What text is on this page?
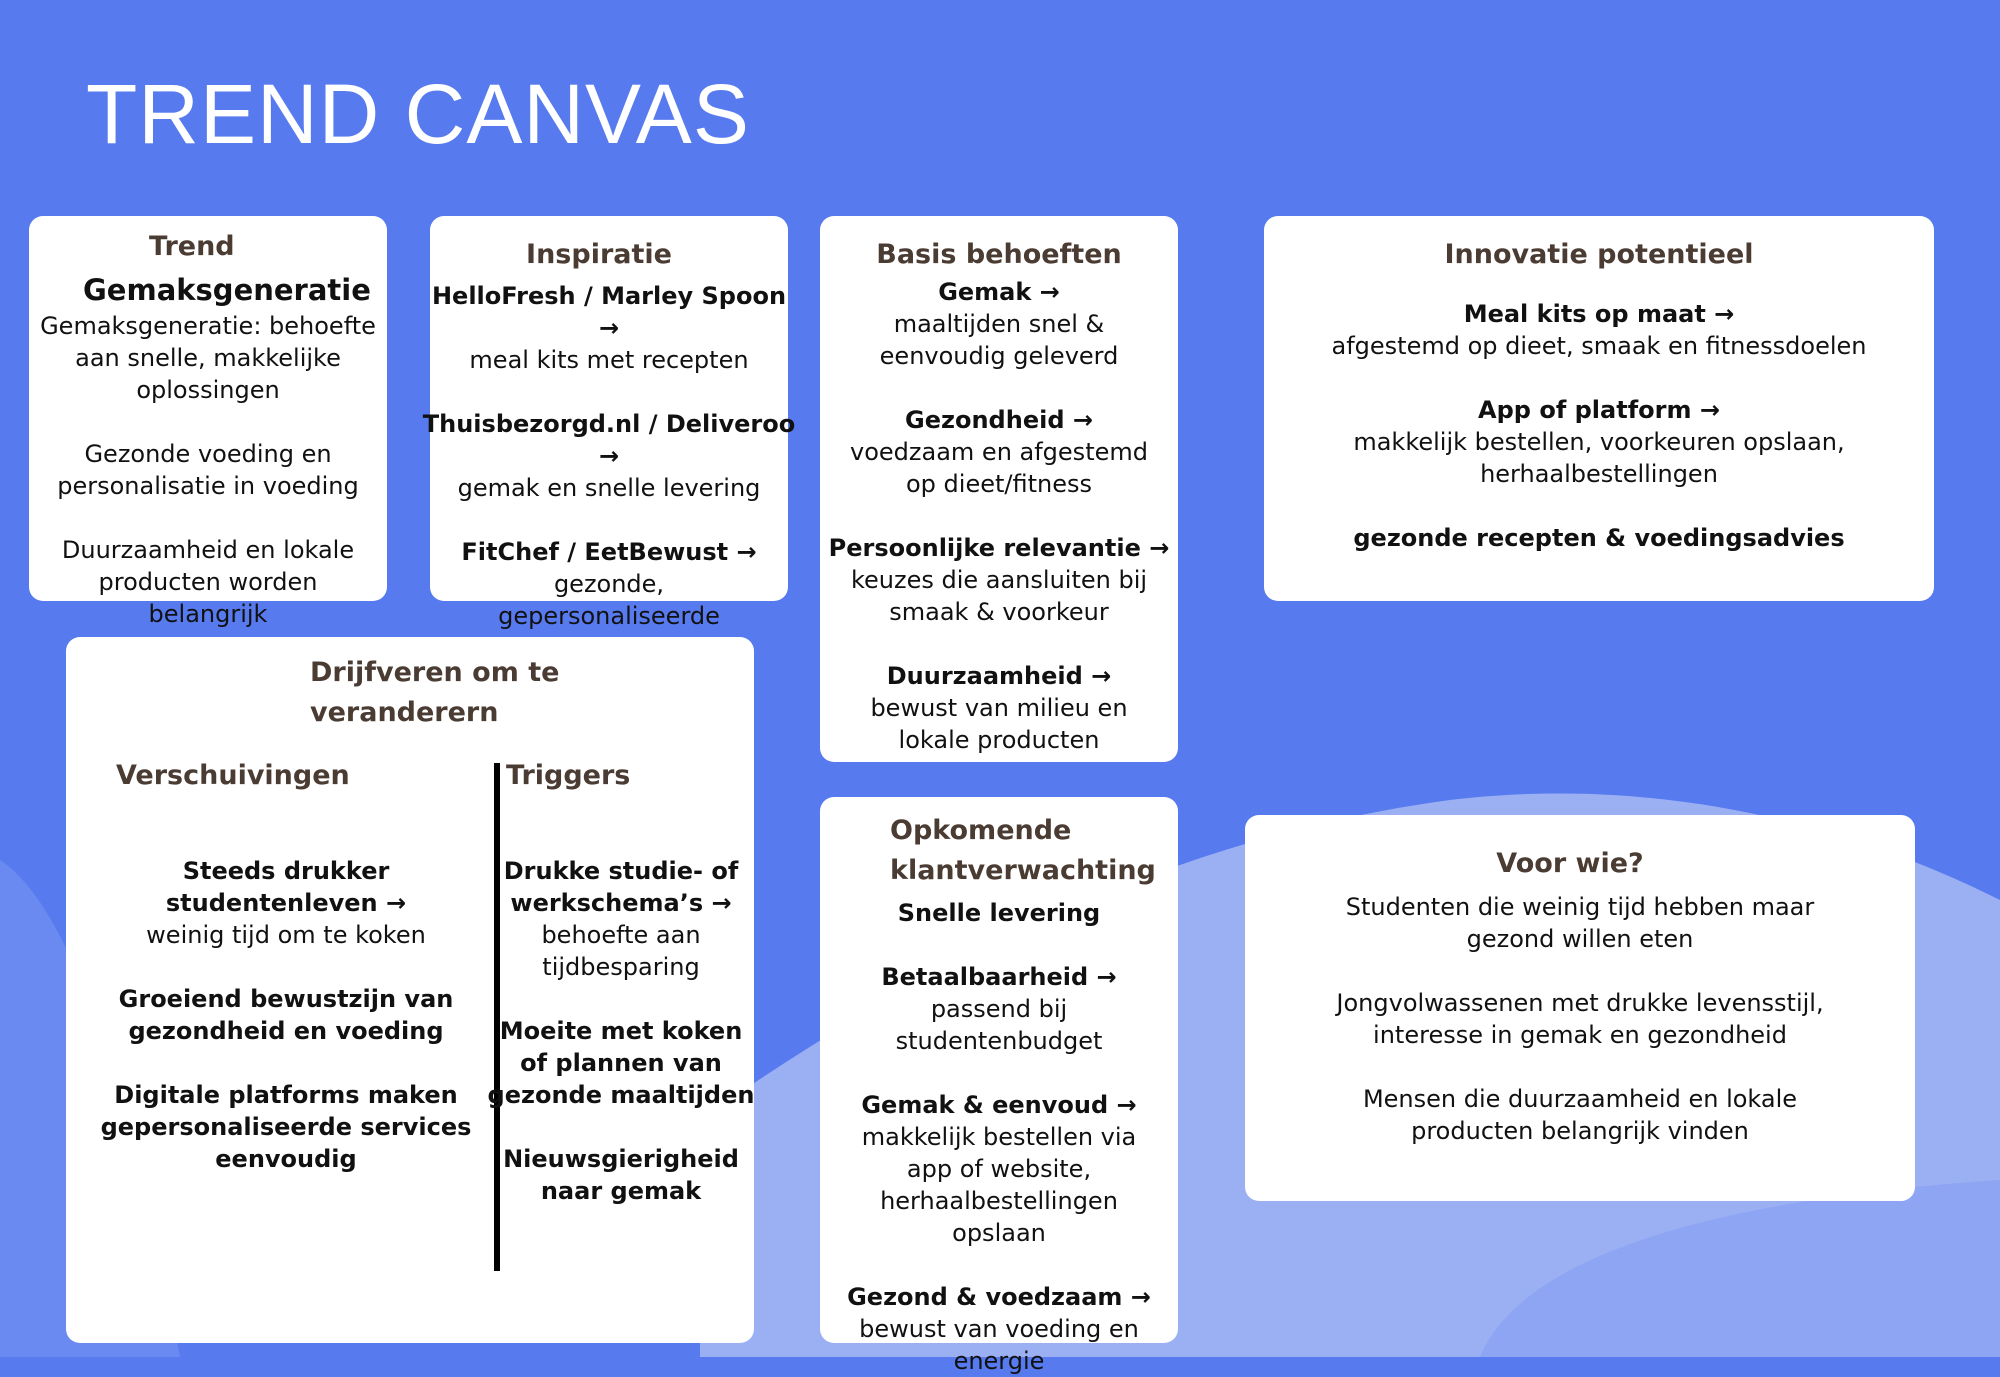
TREND CANVAS
Trend
Gemaksgeneratie

Gemaksgeneratie: behoefte aan snelle, makkelijke oplossingen

Gezonde voeding en personalisatie in voeding

Duurzaamheid en lokale producten worden belangrijk

Inspiratie

HelloFresh / Marley Spoon →

meal kits met recepten

Thuisbezorgd.nl / Deliveroo →

gemak en snelle levering

FitChef / EetBewust →

gezonde, gepersonaliseerde

Basis behoeften

Gemak →

maaltijden snel & eenvoudig geleverd

Gezondheid →

voedzaam en afgestemd op dieet/fitness

Persoonlijke relevantie →

keuzes die aansluiten bij smaak & voorkeur

Duurzaamheid →

bewust van milieu en lokale producten

Innovatie potentieel

Meal kits op maat →

afgestemd op dieet, smaak en fitnessdoelen

App of platform →

makkelijk bestellen, voorkeuren opslaan, herhaalbestellingen

gezonde recepten & voedingsadvies

Drijfveren om te
veranderern
Verschuivingen

Steeds drukker studentenleven →

weinig tijd om te koken

Groeiend bewustzijn van gezondheid en voeding

Digitale platforms maken gepersonaliseerde services eenvoudig

Triggers

Drukke studie- of werkschema’s →

behoefte aan tijdbesparing

Moeite met koken of plannen van gezonde maaltijden

Nieuwsgierigheid naar gemak

Opkomende
klantverwachting

Snelle levering

Betaalbaarheid →

passend bij studentenbudget

Gemak & eenvoud →

makkelijk bestellen via app of website, herhaalbestellingen opslaan

Gezond & voedzaam →

bewust van voeding en energie

Voor wie?

Studenten die weinig tijd hebben maar gezond willen eten

Jongvolwassenen met drukke levensstijl, interesse in gemak en gezondheid

Mensen die duurzaamheid en lokale producten belangrijk vinden
